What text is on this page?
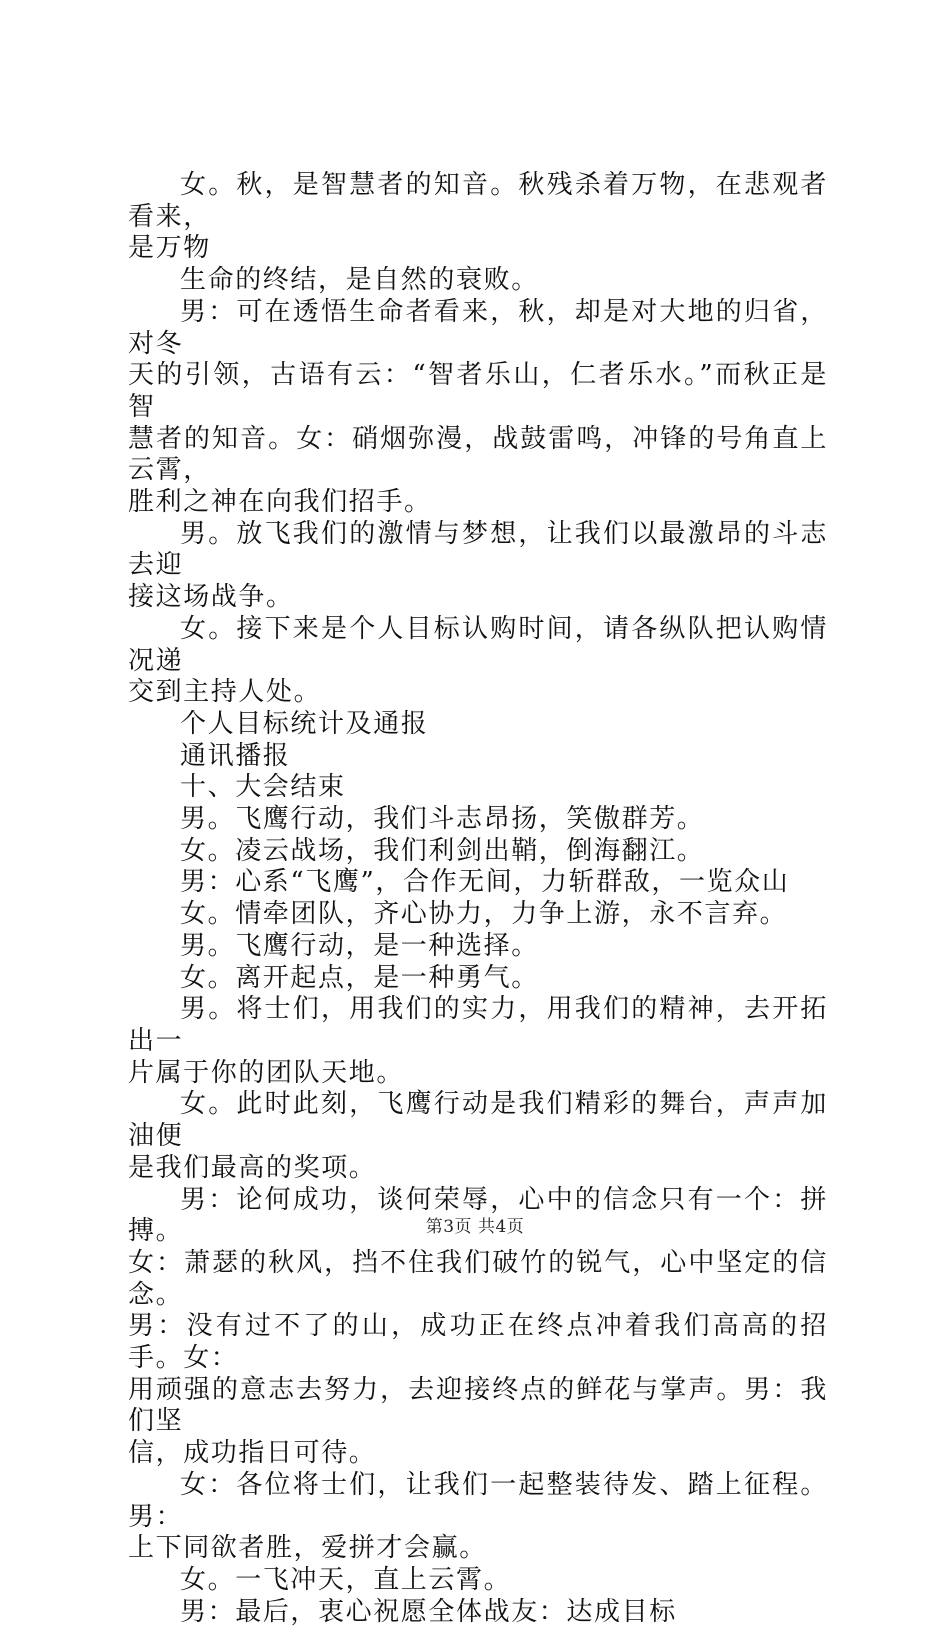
女。秋，是智慧者的知音。秋残杀着万物，在悲观者看来，
是万物

生命的终结，是自然的衰败。

男：可在透悟生命者看来，秋，却是对大地的归省，对冬
天的引领，古语有云：“智者乐山，仁者乐水。”而秋正是智
慧者的知音。女：硝烟弥漫，战鼓雷鸣，冲锋的号角直上云霄，
胜利之神在向我们招手。

男。放飞我们的激情与梦想，让我们以最激昂的斗志去迎
接这场战争。

女。接下来是个人目标认购时间，请各纵队把认购情况递
交到主持人处。

个人目标统计及通报

通讯播报

十、大会结束

男。飞鹰行动，我们斗志昂扬，笑傲群芳。

女。凌云战场，我们利剑出鞘，倒海翻江。

男：心系“飞鹰”，合作无间，力斩群敌，一览众山

女。情牵团队，齐心协力，力争上游，永不言弃。

男。飞鹰行动，是一种选择。

女。离开起点，是一种勇气。

男。将士们，用我们的实力，用我们的精神，去开拓出一
片属于你的团队天地。

女。此时此刻，飞鹰行动是我们精彩的舞台，声声加油便
是我们最高的奖项。

男：论何成功，谈何荣辱，心中的信念只有一个：拼搏。
女：萧瑟的秋风，挡不住我们破竹的锐气，心中坚定的信念。
男：没有过不了的山，成功正在终点冲着我们高高的招手。女：
用顽强的意志去努力，去迎接终点的鲜花与掌声。男：我们坚
信，成功指日可待。

女：各位将士们，让我们一起整装待发、踏上征程。男：
上下同欲者胜，爱拼才会赢。

女。一飞冲天，直上云霄。

男：最后，衷心祝愿全体战友：达成目标

第3页 共4页
